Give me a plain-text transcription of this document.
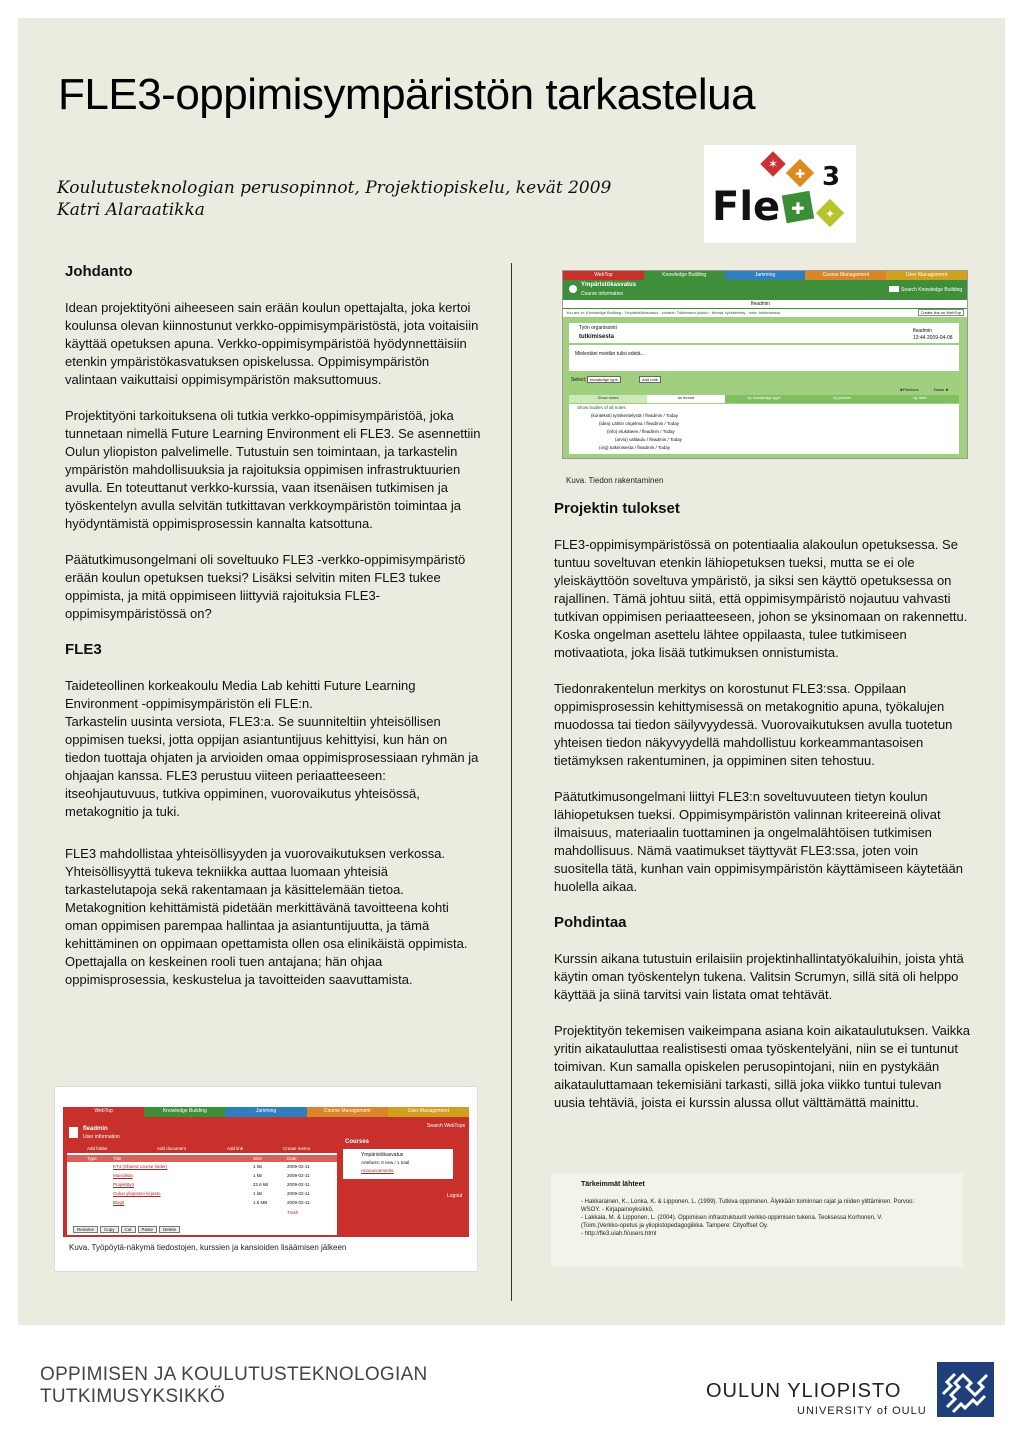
FLE3-oppimisympäristön tarkastelua
Koulutusteknologian perusopinnot, Projektiopiskelu, kevät 2009
Katri Alaraatikka
✶
✚
✚ ✦
Fle
3
Johdanto

Idean projektityöni aiheeseen sain erään koulun opettajalta, joka kertoi koulunsa olevan kiinnostunut verkko-oppimisympäristöstä, jota voitaisiin käyttää opetuksen apuna. Verkko-oppimisympäristöä hyödynnettäisiin etenkin ympäristökasvatuksen opiskelussa. Oppimisympäristön valintaan vaikuttaisi oppimisympäristön maksuttomuus.

Projektityöni tarkoituksena oli tutkia verkko-oppimisympäristöä, joka tunnetaan nimellä Future Learning Environment eli FLE3. Se asennettiin Oulun yliopiston palvelimelle. Tutustuin sen toimintaan, ja tarkastelin ympäristön mahdollisuuksia ja rajoituksia oppimisen infrastruktuurien avulla. En toteuttanut verkko-kurssia, vaan itsenäisen tutkimisen ja työskentelyn avulla selvitän tutkittavan verkkoympäristön toimintaa ja hyödyntämistä oppimisprosessin kannalta katsottuna.

Päätutkimusongelmani oli soveltuuko FLE3 -verkko-oppimisympäristö erään koulun opetuksen tueksi? Lisäksi selvitin miten FLE3 tukee oppimista, ja mitä oppimiseen liittyviä rajoituksia FLE3-oppimisympäristössä on?

FLE3

Taideteollinen korkeakoulu Media Lab kehitti Future Learning Environment -oppimisympäristön eli FLE:n.

Tarkastelin uusinta versiota, FLE3:a. Se suunniteltiin yhteisöllisen oppimisen tueksi, jotta oppijan asiantuntijuus kehittyisi, kun hän on tiedon tuottaja ohjaten ja arvioiden omaa oppimisprosessiaan ryhmän ja ohjaajan kanssa. FLE3 perustuu viiteen periaatteeseen: itseohjautuvuus, tutkiva oppiminen, vuorovaikutus yhteisössä, metakognitio ja tuki.

FLE3 mahdollistaa yhteisöllisyyden ja vuorovaikutuksen verkossa. Yhteisöllisyyttä tukeva tekniikka auttaa luomaan yhteisiä tarkastelutapoja sekä rakentamaan ja käsittelemään tietoa. Metakognition kehittämistä pidetään merkittävänä tavoitteena kohti oman oppimisen parempaa hallintaa ja asiantuntijuutta, ja tämä kehittäminen on oppimaan opettamista ollen osa elinikäistä oppimista. Opettajalla on keskeinen rooli tuen antajana; hän ohjaa oppimisprosessia, keskustelua ja tavoitteiden saavuttamista.

WebTop	Knowledge Building	Jamming	Course Management	User Management
Ympäristökasvatus
Course information
Search Knowledge Building
fleadmin
You are in: Knowledge Building : Ympäristökasvatus : context: Tutkimisen joukko : thread: työskentely : note: tutkimisesta	Create link on WebTop
Työn organisointi
tutkimisesta
fleadmin
13:44 2009-04-08
Mielestäni meidän tulisi edetä...
Select: knowledge type	Add note
◄Previous	Down ►
Show notes	as thread	by knowledge type	by person	by date
Show bodies of all notes
(konteksti) työskentelystä / fleadmin / Today
(idea) Lähtin ongelma / fleadmin / Today
(info) etukäteen / fleadmin / Today
(arvio) välitaulu / fleadmin / Today
(org) tutkimisesta / fleadmin / Today
Kuva. Tiedon rakentaminen
Projektin tulokset

FLE3-oppimisympäristössä on potentiaalia alakoulun opetuksessa. Se tuntuu soveltuvan etenkin lähiopetuksen tueksi, mutta se ei ole yleiskäyttöön soveltuva ympäristö, ja siksi sen käyttö opetuksessa on rajallinen. Tämä johtuu siitä, että oppimisympäristö nojautuu vahvasti tutkivan oppimisen periaatteeseen, johon se yksinomaan on rakennettu. Koska ongelman asettelu lähtee oppilaasta, tulee tutkimiseen motivaatiota, joka lisää tutkimuksen onnistumista.

Tiedonrakentelun merkitys on korostunut FLE3:ssa. Oppilaan oppimisprosessin kehittymisessä on metakognitio apuna, työkalujen muodossa tai tiedon säilyvyydessä. Vuorovaikutuksen avulla tuotetun yhteisen tiedon näkyvyydellä mahdollistuu korkeammantasoisen tietämyksen rakentuminen, ja oppiminen siten tehostuu.

Päätutkimusongelmani liittyi FLE3:n soveltuvuuteen tietyn koulun lähiopetuksen tueksi. Oppimisympäristön valinnan kriteereinä olivat ilmaisuus, materiaalin tuottaminen ja ongelmalähtöisen tutkimisen mahdollisuus. Nämä vaatimukset täyttyvät FLE3:ssa, joten voin suositella tätä, kunhan vain oppimisympäristön käyttämiseen käytetään huolella aikaa.

Pohdintaa

Kurssin aikana tutustuin erilaisiin projektinhallintatyökaluihin, joista yhtä käytin oman työskentelyn tukena. Valitsin Scrumyn, sillä sitä oli helppo käyttää ja siinä tarvitsi vain listata omat tehtävät.

Projektityön tekemisen vaikeimpana asiana koin aikataulutuksen. Vaikka yritin aikatauluttaa realistisesti omaa työskentelyäni, niin se ei tuntunut toimivan. Kun samalla opiskelen perusopintojani, niin en pystykään aikatauluttamaan tekemisiäni tarkasti, sillä joka viikko tuntui tulevan uusia tehtäviä, joista ei kurssin alussa ollut välttämättä mainittu.

WebTop	Knowledge Building	Jamming	Course Management	User Management
fleadmin
User information
Search WebTops
Add folder	Add document	Add link	Create memo
Type	Title	Size	Date
KT4 (Shared course folder)	1 kB	2009-02-11
Muistilista	1 kB	2009-02-11
Projektityö	22.6 kB	2009-02-11
Oulun yliopiston kirjasto	1 kB	2009-02-11
Blogit	1.5 MB	2009-02-11
Trash
Rename	Copy	Cut	Paste	Delete
Courses
Ympäristökasvatus
Artefacts: 0 new / 1 total
Announcements
Logout
Kuva. Työpöytä-näkymä tiedostojen, kurssien ja kansioiden lisäämisen jälkeen
Tärkeimmät lähteet
- Hakkarainen, K., Lonka, K. & Lipponen, L. (1999). Tutkiva oppiminen. Älykkään toiminnan rajat ja niiden ylittäminen. Porvoo:
WSOY. - Kirjapainoyksikkö.
- Lakkala, M. & Lipponen, L. (2004). Oppimisen infrastruktuurit verkko-oppimisen tukena. Teoksessa Korhonen, V.
(Toim.)Verkko-opetus ja yliopistopedagogiikka. Tampere: Cityoffset Oy.
- http://fle3.uiah.fi/users.html
OPPIMISEN JA KOULUTUSTEKNOLOGIAN
TUTKIMUSYKSIKKÖ	OULUN YLIOPISTO
UNIVERSITY of OULU
